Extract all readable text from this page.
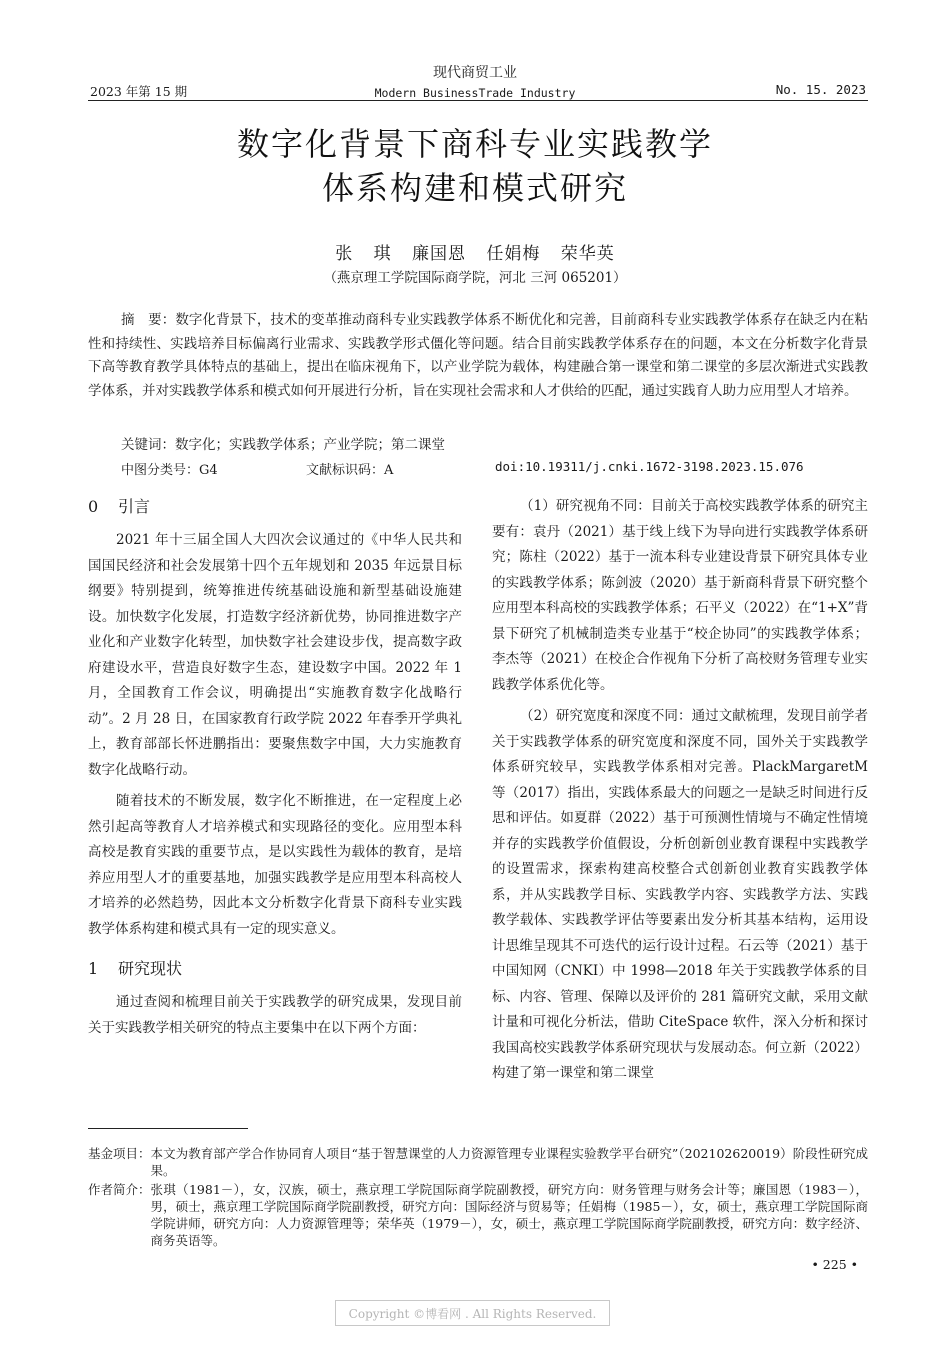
2023 年第 15 期
现代商贸工业
Modern BusinessTrade Industry	No. 15. 2023
数字化背景下商科专业实践教学
体系构建和模式研究
张 琪 廉国恩 任娟梅 荣华英
（燕京理工学院国际商学院，河北 三河 065201）
摘　要：数字化背景下，技术的变革推动商科专业实践教学体系不断优化和完善，目前商科专业实践教学体系存在缺乏内在粘性和持续性、实践培养目标偏离行业需求、实践教学形式僵化等问题。结合目前实践教学体系存在的问题，本文在分析数字化背景下高等教育教学具体特点的基础上，提出在临床视角下，以产业学院为载体，构建融合第一课堂和第二课堂的多层次渐进式实践教学体系，并对实践教学体系和模式如何开展进行分析，旨在实现社会需求和人才供给的匹配，通过实践育人助力应用型人才培养。
关键词：数字化；实践教学体系；产业学院；第二课堂
中图分类号：G4	文献标识码：A	doi:10.19311/j.cnki.1672-3198.2023.15.076
0 引言

2021 年十三届全国人大四次会议通过的《中华人民共和国国民经济和社会发展第十四个五年规划和 2035 年远景目标纲要》特别提到，统筹推进传统基础设施和新型基础设施建设。加快数字化发展，打造数字经济新优势，协同推进数字产业化和产业数字化转型，加快数字社会建设步伐，提高数字政府建设水平，营造良好数字生态，建设数字中国。2022 年 1 月，全国教育工作会议，明确提出“实施教育数字化战略行动”。2 月 28 日，在国家教育行政学院 2022 年春季开学典礼上，教育部部长怀进鹏指出：要聚焦数字中国，大力实施教育数字化战略行动。

随着技术的不断发展，数字化不断推进，在一定程度上必然引起高等教育人才培养模式和实现路径的变化。应用型本科高校是教育实践的重要节点，是以实践性为载体的教育，是培养应用型人才的重要基地，加强实践教学是应用型本科高校人才培养的必然趋势，因此本文分析数字化背景下商科专业实践教学体系构建和模式具有一定的现实意义。

1 研究现状

通过查阅和梳理目前关于实践教学的研究成果，发现目前关于实践教学相关研究的特点主要集中在以下两个方面：

（1）研究视角不同：目前关于高校实践教学体系的研究主要有：袁丹（2021）基于线上线下为导向进行实践教学体系研究；陈柱（2022）基于一流本科专业建设背景下研究具体专业的实践教学体系；陈剑波（2020）基于新商科背景下研究整个应用型本科高校的实践教学体系；石平义（2022）在“1+X”背景下研究了机械制造类专业基于“校企协同”的实践教学体系；李杰等（2021）在校企合作视角下分析了高校财务管理专业实践教学体系优化等。

（2）研究宽度和深度不同：通过文献梳理，发现目前学者关于实践教学体系的研究宽度和深度不同，国外关于实践教学体系研究较早，实践教学体系相对完善。PlackMargaretM 等（2017）指出，实践体系最大的问题之一是缺乏时间进行反思和评估。如夏群（2022）基于可预测性情境与不确定性情境并存的实践教学价值假设，分析创新创业教育课程中实践教学的设置需求，探索构建高校整合式创新创业教育实践教学体系，并从实践教学目标、实践教学内容、实践教学方法、实践教学载体、实践教学评估等要素出发分析其基本结构，运用设计思维呈现其不可迭代的运行设计过程。石云等（2021）基于中国知网（CNKI）中 1998—2018 年关于实践教学体系的目标、内容、管理、保障以及评价的 281 篇研究文献，采用文献计量和可视化分析法，借助 CiteSpace 软件，深入分析和探讨我国高校实践教学体系研究现状与发展动态。何立新（2022）构建了第一课堂和第二课堂

基金项目： 本文为教育部产学合作协同育人项目“基于智慧课堂的人力资源管理专业课程实验教学平台研究”（202102620019）阶段性研究成果。
作者简介： 张琪（1981－），女，汉族，硕士，燕京理工学院国际商学院副教授，研究方向：财务管理与财务会计等；廉国恩（1983－），男，硕士，燕京理工学院国际商学院副教授，研究方向：国际经济与贸易等；任娟梅（1985－），女，硕士，燕京理工学院国际商学院讲师，研究方向：人力资源管理等；荣华英（1979－），女，硕士，燕京理工学院国际商学院副教授，研究方向：数字经济、商务英语等。
• 225 •
Copyright ©博看网 . All Rights Reserved.
